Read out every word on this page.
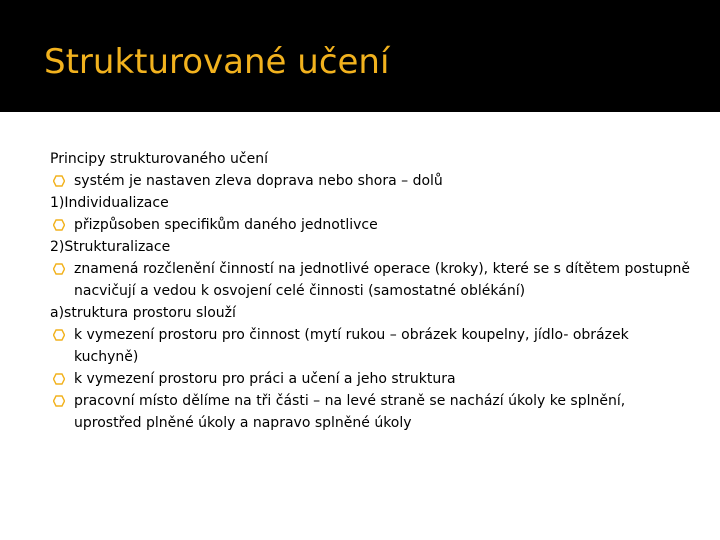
Strukturované učení

Principy strukturovaného učení

systém je nastaven zleva doprava nebo shora – dolů

1)Individualizace

přizpůsoben specifikům daného jednotlivce

2)Strukturalizace

znamená rozčlenění činností na jednotlivé operace (kroky), které se s dítětem postupně nacvičují a vedou k osvojení celé činnosti (samostatné oblékání)

a)struktura prostoru slouží

k vymezení prostoru pro činnost (mytí rukou – obrázek koupelny, jídlo- obrázek kuchyně)

k vymezení prostoru pro práci a učení a jeho struktura

pracovní místo dělíme na tři části – na levé straně se nachází úkoly ke splnění, uprostřed plněné úkoly a napravo splněné úkoly
